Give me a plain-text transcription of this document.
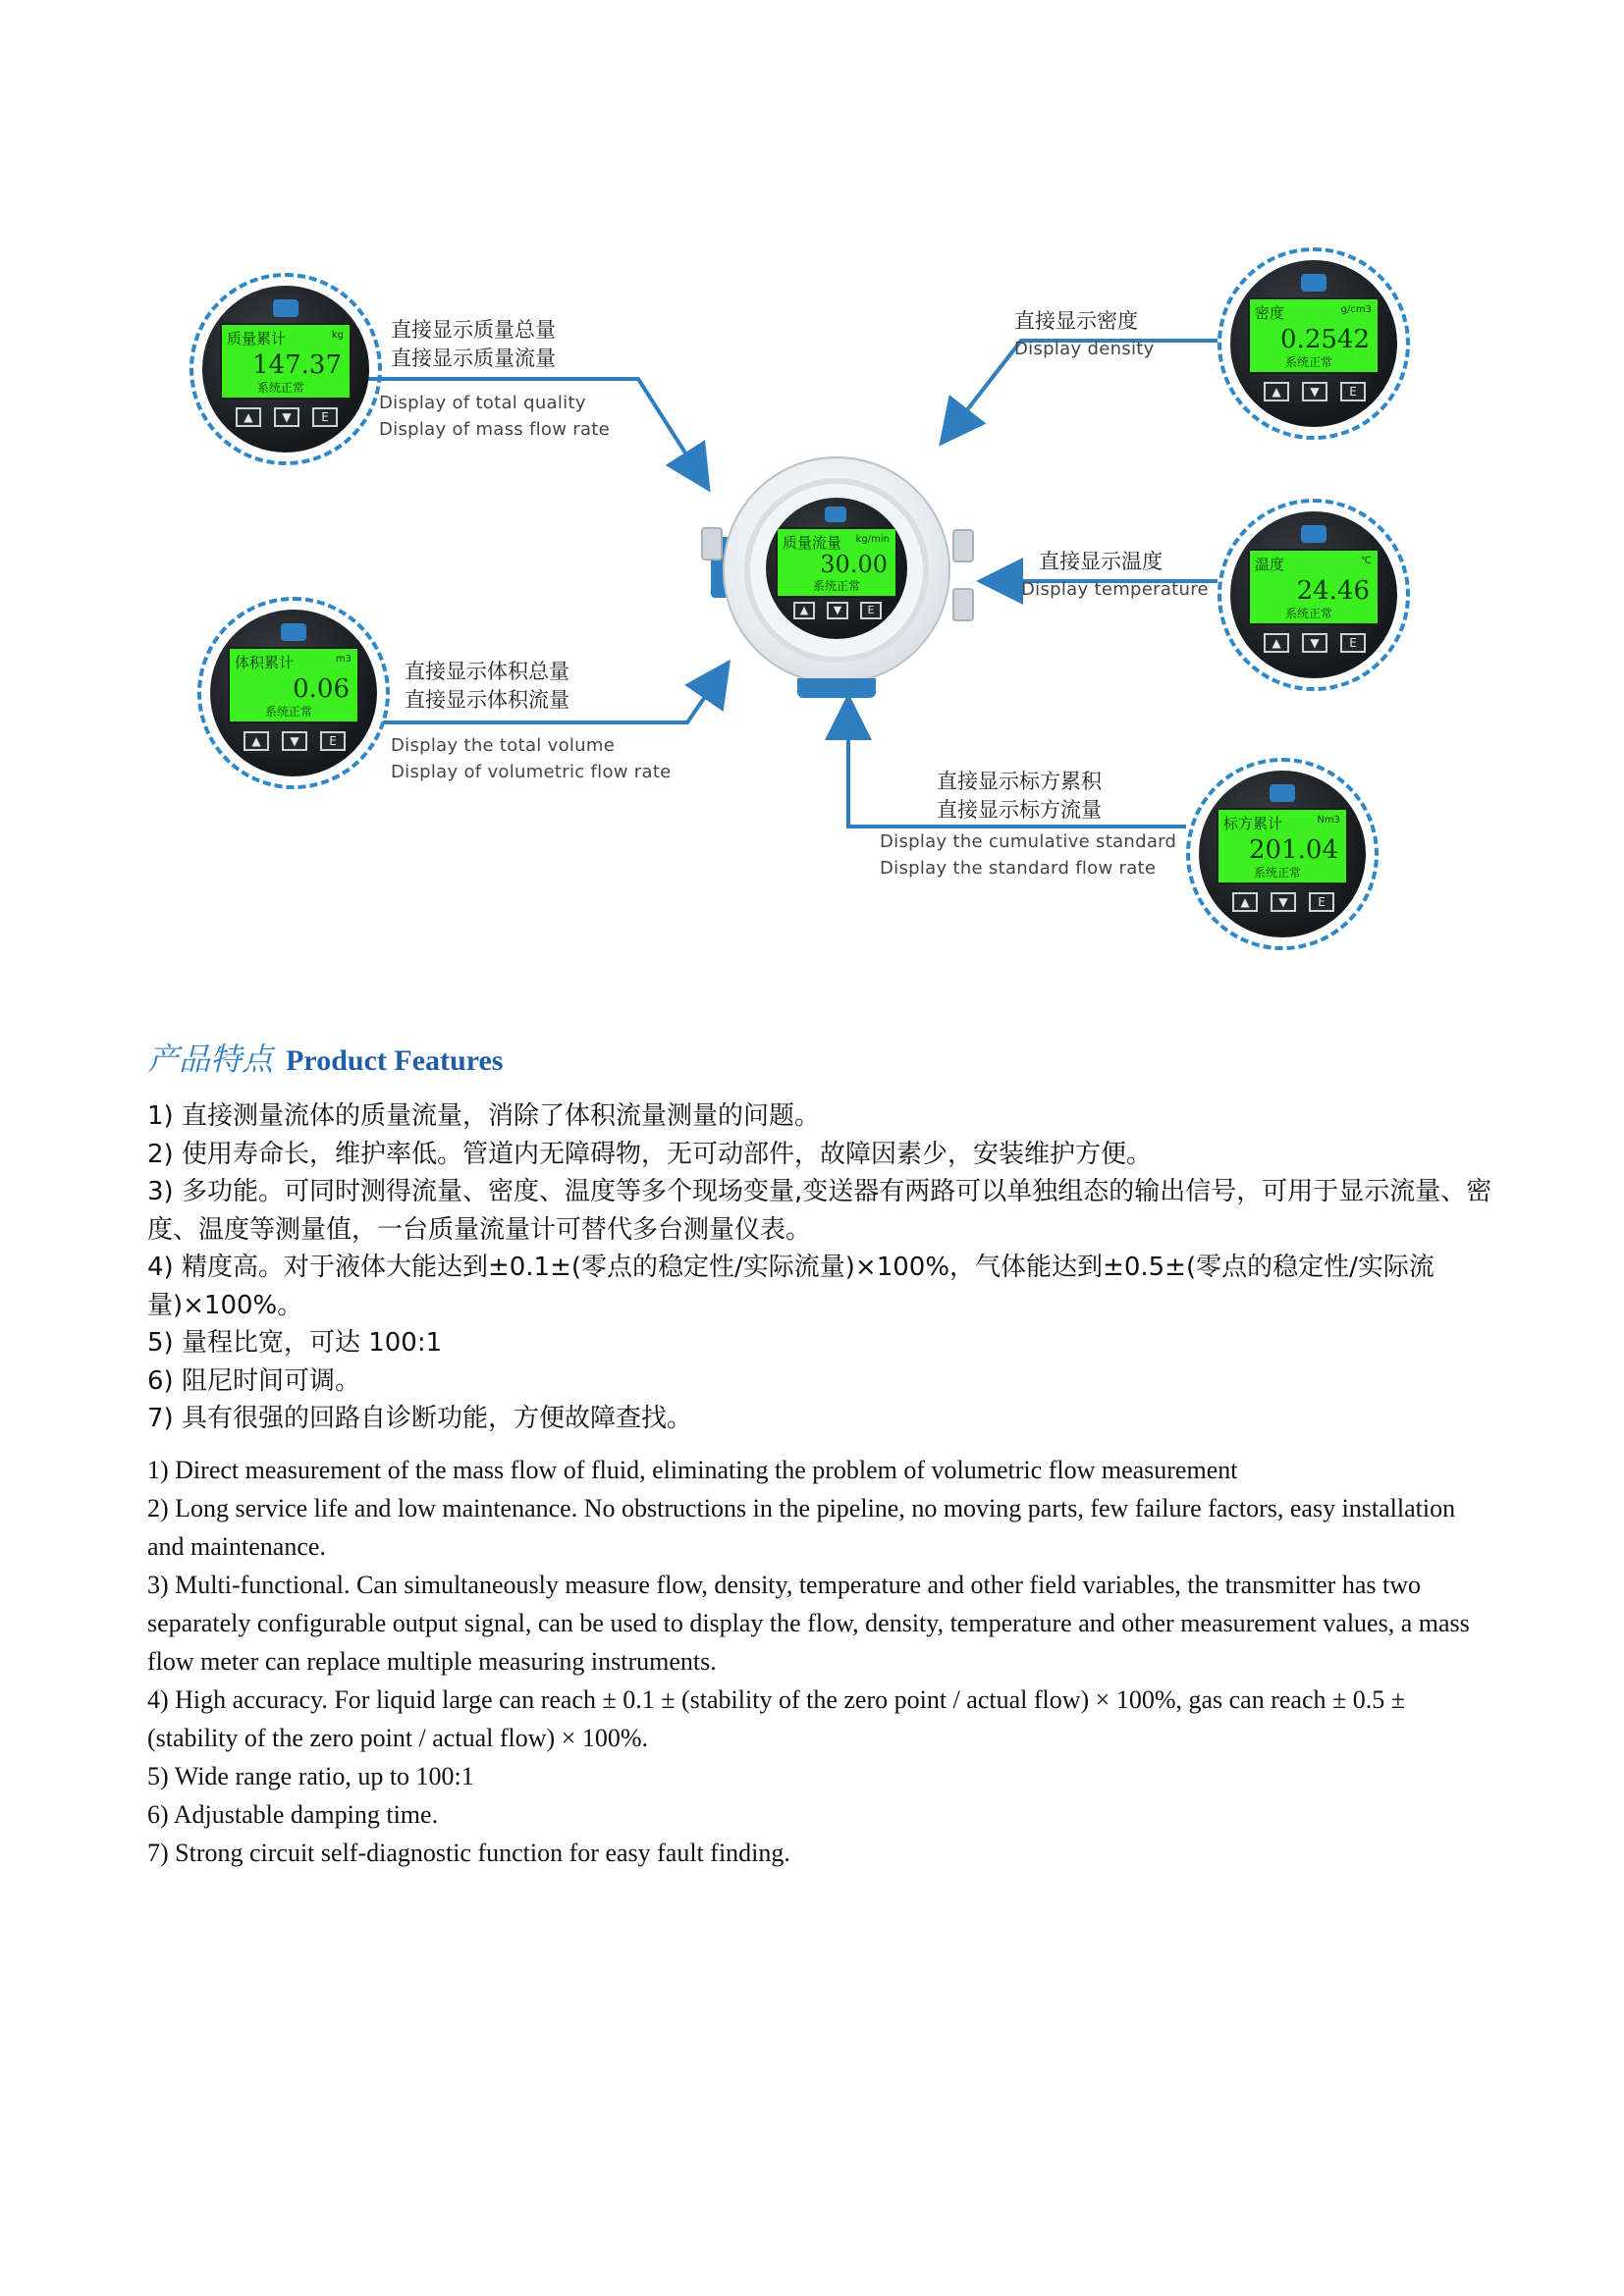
质量累计	kg
147.37
系统正常
▲	▼	E
直接显示质量总量
直接显示质量流量
Display of total quality
Display of mass flow rate
密度	g/cm3
0.2542
系统正常
▲	▼	E
直接显示密度
Display density
体积累计	m3
0.06
系统正常
▲	▼	E
直接显示体积总量
直接显示体积流量
Display the total volume
Display of volumetric flow rate
温度	℃
24.46
系统正常
▲	▼	E
直接显示温度
Display temperature
标方累计	Nm3
201.04
系统正常
▲	▼	E
直接显示标方累积
直接显示标方流量
Display the cumulative standard
Display the standard flow rate
质量流量 kg/min
30.00
系统正常
▲	▼	E
产品特点 Product Features
1) 直接测量流体的质量流量，消除了体积流量测量的问题。
2) 使用寿命长，维护率低。管道内无障碍物，无可动部件，故障因素少，安装维护方便。
3) 多功能。可同时测得流量、密度、温度等多个现场变量,变送器有两路可以单独组态的输出信号，可用于显示流量、密度、温度等测量值，一台质量流量计可替代多台测量仪表。
4) 精度高。对于液体大能达到±0.1±(零点的稳定性/实际流量)×100%，气体能达到±0.5±(零点的稳定性/实际流量)×100%。
5) 量程比宽，可达 100:1
6) 阻尼时间可调。
7) 具有很强的回路自诊断功能，方便故障查找。
1) Direct measurement of the mass flow of fluid, eliminating the problem of volumetric flow measurement
2) Long service life and low maintenance. No obstructions in the pipeline, no moving parts, few failure factors, easy installation and maintenance.
3) Multi-functional. Can simultaneously measure flow, density, temperature and other field variables, the transmitter has two separately configurable output signal, can be used to display the flow, density, temperature and other measurement values, a mass flow meter can replace multiple measuring instruments.
4) High accuracy. For liquid large can reach ± 0.1 ± (stability of the zero point / actual flow) × 100%, gas can reach ± 0.5 ± (stability of the zero point / actual flow) × 100%.
5) Wide range ratio, up to 100:1
6) Adjustable damping time.
7) Strong circuit self-diagnostic function for easy fault finding.
